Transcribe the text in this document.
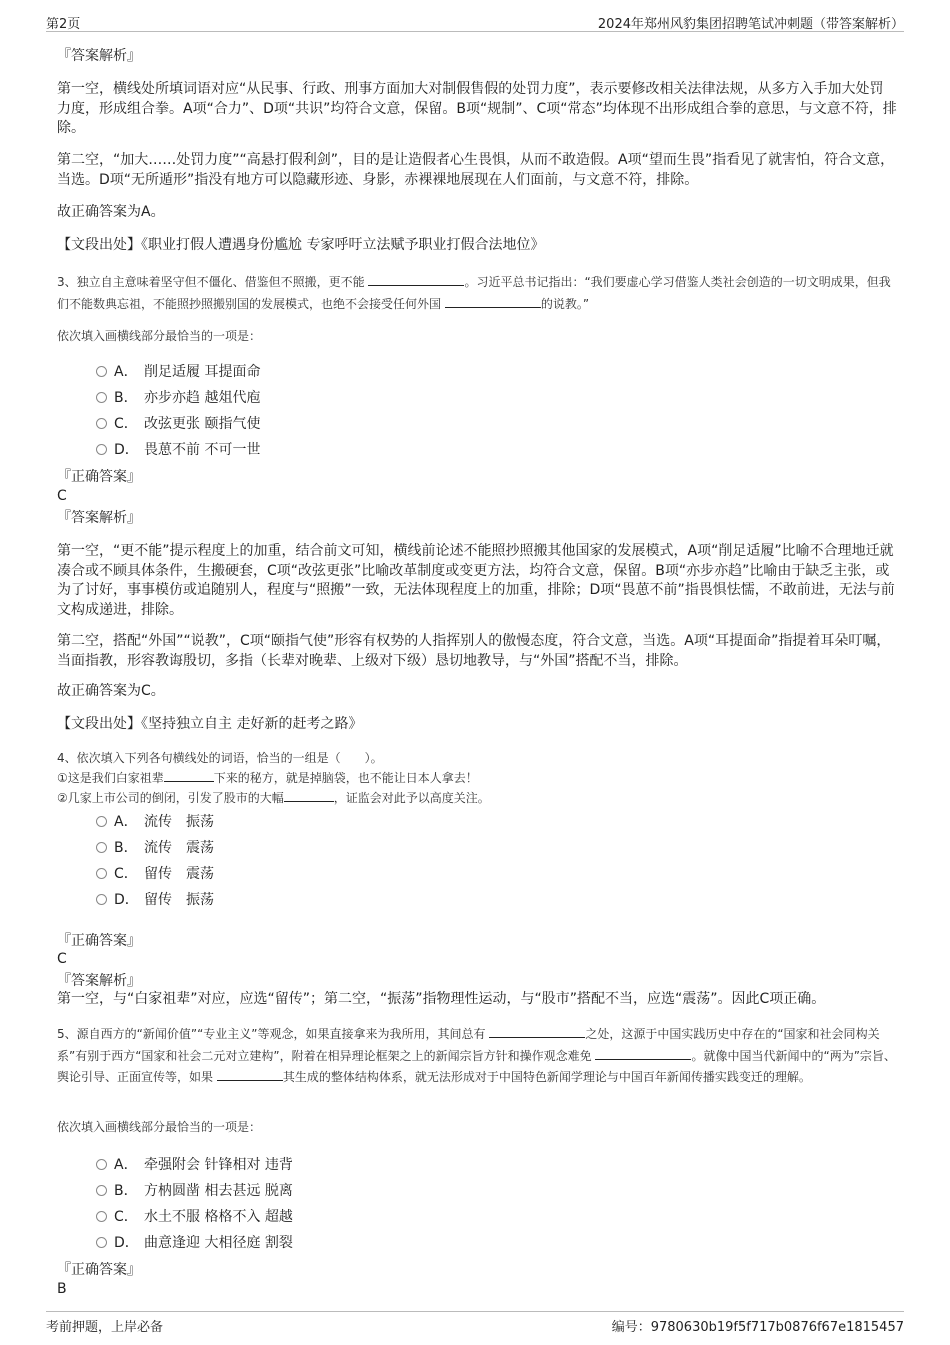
第2页	2024年郑州风豹集团招聘笔试冲刺题（带答案解析）
『答案解析』
第一空，横线处所填词语对应“从民事、行政、刑事方面加大对制假售假的处罚力度”，表示要修改相关法律法规，从多方入手加大处罚力度，形成组合拳。A项“合力”、D项“共识”均符合文意，保留。B项“规制”、C项“常态”均体现不出形成组合拳的意思，与文意不符，排除。
第二空，“加大……处罚力度”“高悬打假利剑”，目的是让造假者心生畏惧，从而不敢造假。A项“望而生畏”指看见了就害怕，符合文意，当选。D项“无所遁形”指没有地方可以隐藏形迹、身影，赤裸裸地展现在人们面前，与文意不符，排除。
故正确答案为A。
【文段出处】《职业打假人遭遇身份尴尬 专家呼吁立法赋予职业打假合法地位》
3、独立自主意味着坚守但不僵化、借鉴但不照搬，更不能	。习近平总书记指出：“我们要虚心学习借鉴人类社会创造的一切文明成果，但我们不能数典忘祖，不能照抄照搬别国的发展模式，也绝不会接受任何外国	的说教。”
依次填入画横线部分最恰当的一项是：
A． 削足适履 耳提面命
B． 亦步亦趋 越俎代庖
C． 改弦更张 颐指气使
D． 畏葸不前 不可一世
『正确答案』
C
『答案解析』
第一空，“更不能”提示程度上的加重，结合前文可知，横线前论述不能照抄照搬其他国家的发展模式，A项“削足适履”比喻不合理地迁就凑合或不顾具体条件，生搬硬套，C项“改弦更张”比喻改革制度或变更方法，均符合文意，保留。B项“亦步亦趋”比喻由于缺乏主张，或为了讨好，事事模仿或追随别人，程度与“照搬”一致，无法体现程度上的加重，排除；D项“畏葸不前”指畏惧怯懦，不敢前进，无法与前文构成递进，排除。
第二空，搭配“外国”“说教”，C项“颐指气使”形容有权势的人指挥别人的傲慢态度，符合文意，当选。A项“耳提面命”指提着耳朵叮嘱，当面指教，形容教诲殷切，多指（长辈对晚辈、上级对下级）恳切地教导，与“外国”搭配不当，排除。
故正确答案为C。
【文段出处】《坚持独立自主 走好新的赶考之路》
4、依次填入下列各句横线处的词语，恰当的一组是（　　）。
①这是我们白家祖辈	下来的秘方，就是掉脑袋，也不能让日本人拿去！
②几家上市公司的倒闭，引发了股市的大幅	，证监会对此予以高度关注。
A． 流传　振荡
B． 流传　震荡
C． 留传　震荡
D． 留传　振荡
『正确答案』
C
『答案解析』
第一空，与“白家祖辈”对应，应选“留传”；第二空，“振荡”指物理性运动，与“股市”搭配不当，应选“震荡”。因此C项正确。
5、源自西方的“新闻价值”“专业主义”等观念，如果直接拿来为我所用，其间总有	之处，这源于中国实践历史中存在的“国家和社会同构关系”有别于西方“国家和社会二元对立建构”，附着在相异理论框架之上的新闻宗旨方针和操作观念难免	。就像中国当代新闻中的“两为”宗旨、舆论引导、正面宣传等，如果	其生成的整体结构体系，就无法形成对于中国特色新闻学理论与中国百年新闻传播实践变迁的理解。
依次填入画横线部分最恰当的一项是：
A． 牵强附会 针锋相对 违背
B． 方枘圆凿 相去甚远 脱离
C． 水土不服 格格不入 超越
D． 曲意逢迎 大相径庭 割裂
『正确答案』
B
考前押题，上岸必备	编号：9780630b19f5f717b0876f67e1815457
